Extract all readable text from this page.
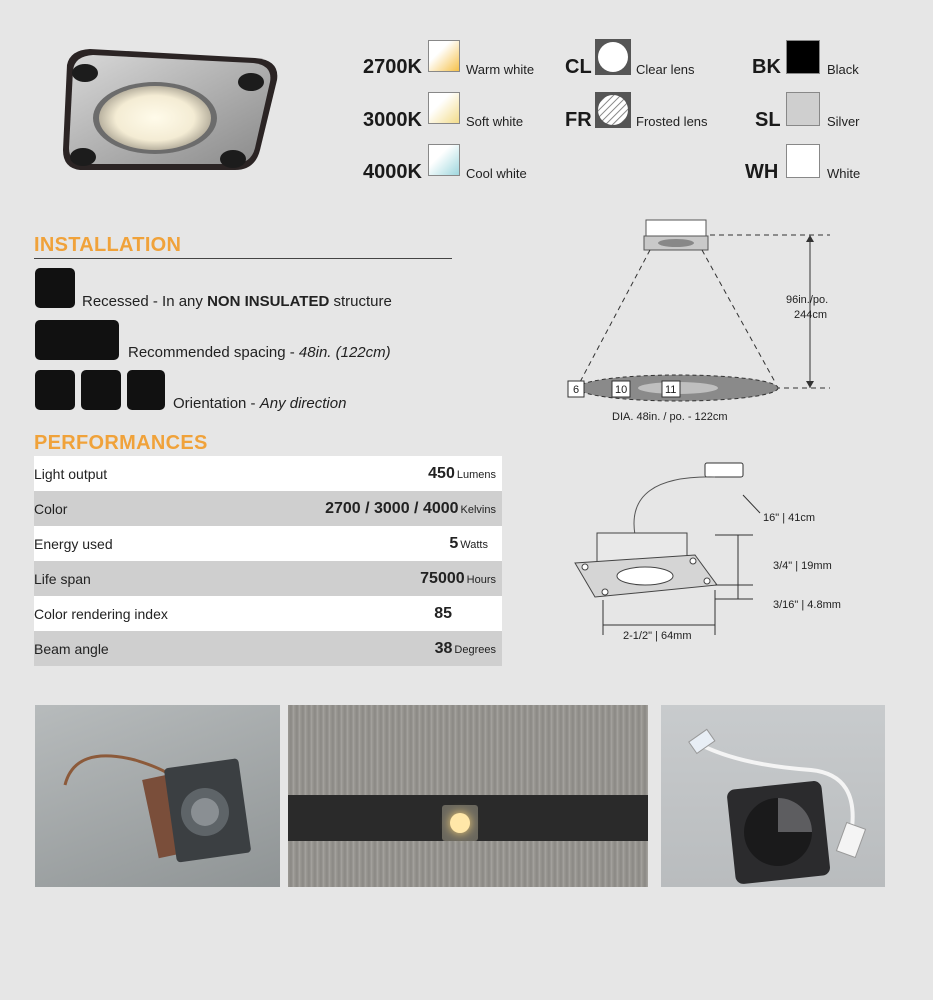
2700K	Warm white
3000K	Soft white
4000K	Cool white
CL	Clear lens
FR	Frosted lens
BK	Black
SL	Silver
WH	White
INSTALLATION
Recessed - In any NON INSULATED structure
Recommended spacing - 48in. (122cm)
Orientation - Any direction
PERFORMANCES
Light output	450 Lumens
Color	2700 / 3000 / 4000 Kelvins
Energy used	5 Watts
Life span	75000 Hours
Color rendering index	85
Beam angle	38 Degrees
6	10	11
96in./po.
244cm
DIA. 48in. / po. - 122cm
16" | 41cm
3/4" | 19mm
3/16" | 4.8mm
2-1/2" | 64mm
